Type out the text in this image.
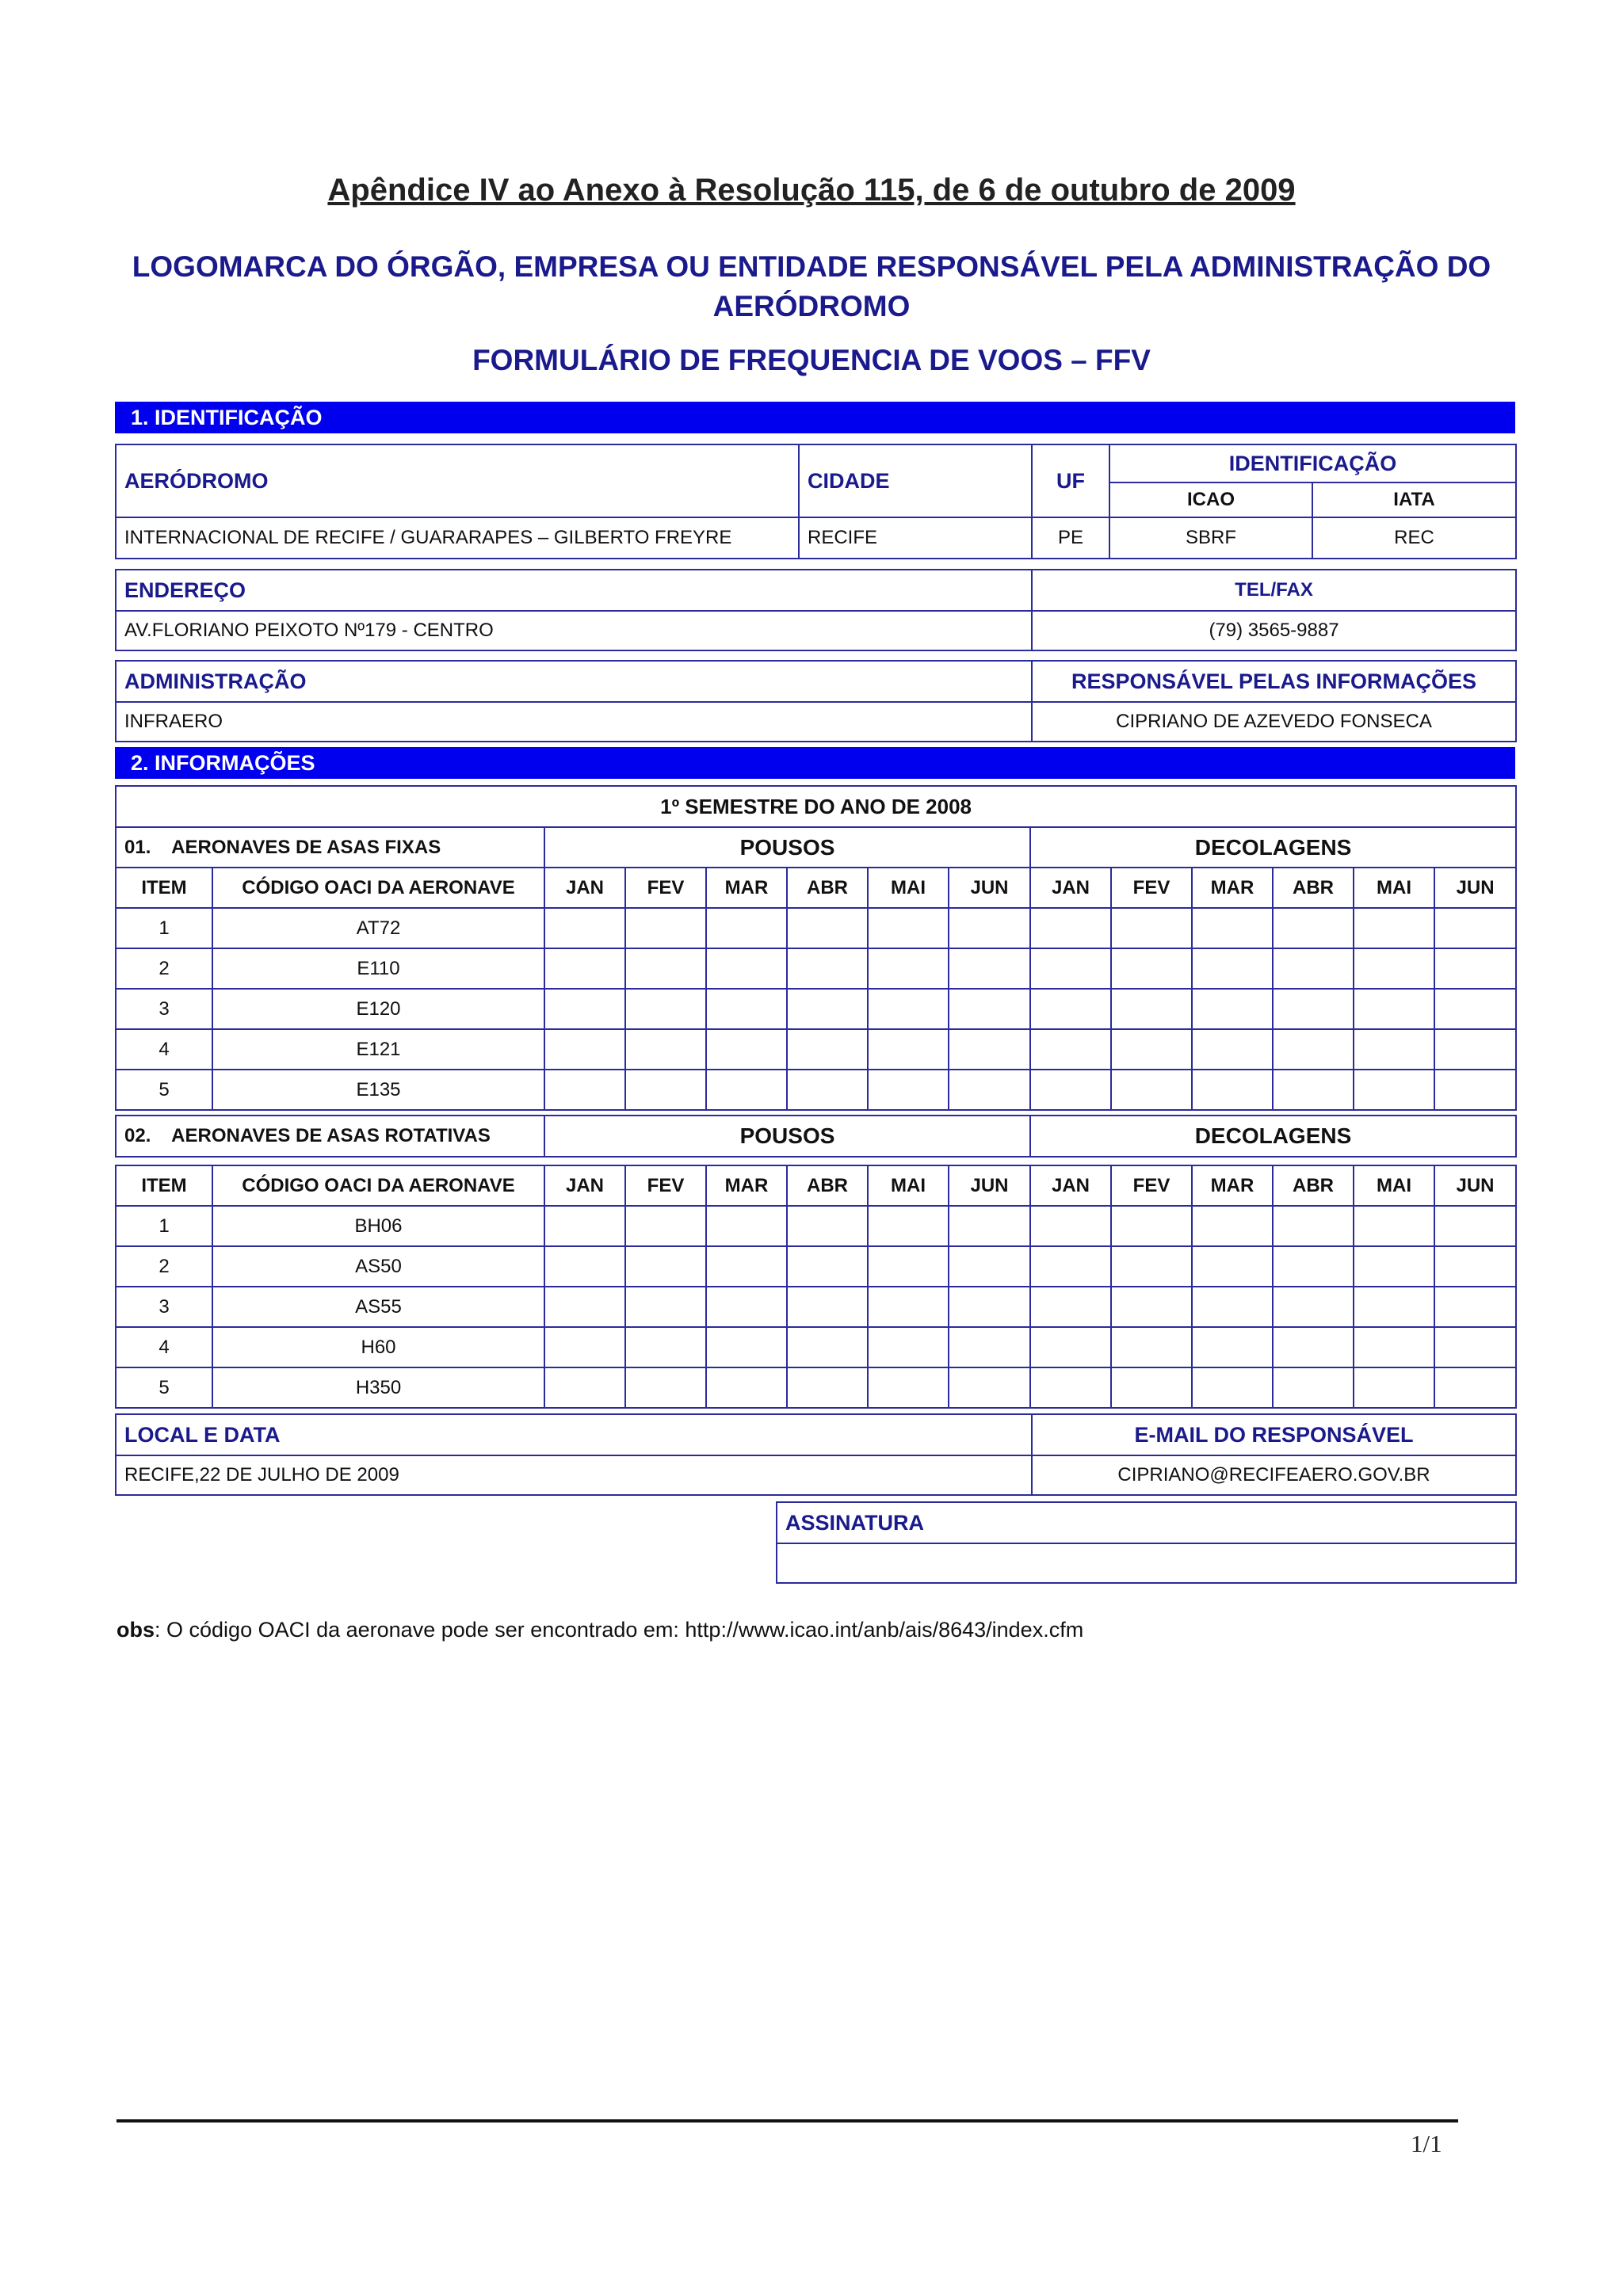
Apêndice IV ao Anexo à Resolução 115, de 6 de outubro de 2009
LOGOMARCA DO ÓRGÃO, EMPRESA OU ENTIDADE RESPONSÁVEL PELA ADMINISTRAÇÃO DO AERÓDROMO
FORMULÁRIO DE FREQUENCIA DE VOOS – FFV
1. IDENTIFICAÇÃO
AERÓDROMO	CIDADE	UF	IDENTIFICAÇÃO	
			ICAO	IATA
INTERNACIONAL DE RECIFE / GUARARAPES – GILBERTO FREYRE	RECIFE	PE	SBRF	REC
ENDEREÇO	TEL/FAX
AV.FLORIANO PEIXOTO Nº179 - CENTRO	(79) 3565-9887
ADMINISTRAÇÃO	RESPONSÁVEL PELAS INFORMAÇÕES
INFRAERO	CIPRIANO DE AZEVEDO FONSECA
2. INFORMAÇÕES
1º SEMESTRE DO ANO DE 2008													
01.    AERONAVES DE ASAS FIXAS		POUSOS						DECOLAGENS					
ITEM	CÓDIGO OACI DA AERONAVE	JAN	FEV	MAR	ABR	MAI	JUN	JAN	FEV	MAR	ABR	MAI	JUN
1	AT72												
2	E110												
3	E120												
4	E121												
5	E135												
02.    AERONAVES DE ASAS ROTATIVAS	POUSOS	DECOLAGENS
ITEM	CÓDIGO OACI DA AERONAVE	JAN	FEV	MAR	ABR	MAI	JUN	JAN	FEV	MAR	ABR	MAI	JUN
1	BH06												
2	AS50												
3	AS55												
4	H60												
5	H350												
LOCAL E DATA	E-MAIL DO RESPONSÁVEL
RECIFE,22 DE JULHO DE 2009	CIPRIANO@RECIFEAERO.GOV.BR
ASSINATURA

obs: O código OACI da aeronave pode ser encontrado em: http://www.icao.int/anb/ais/8643/index.cfm
1/1
